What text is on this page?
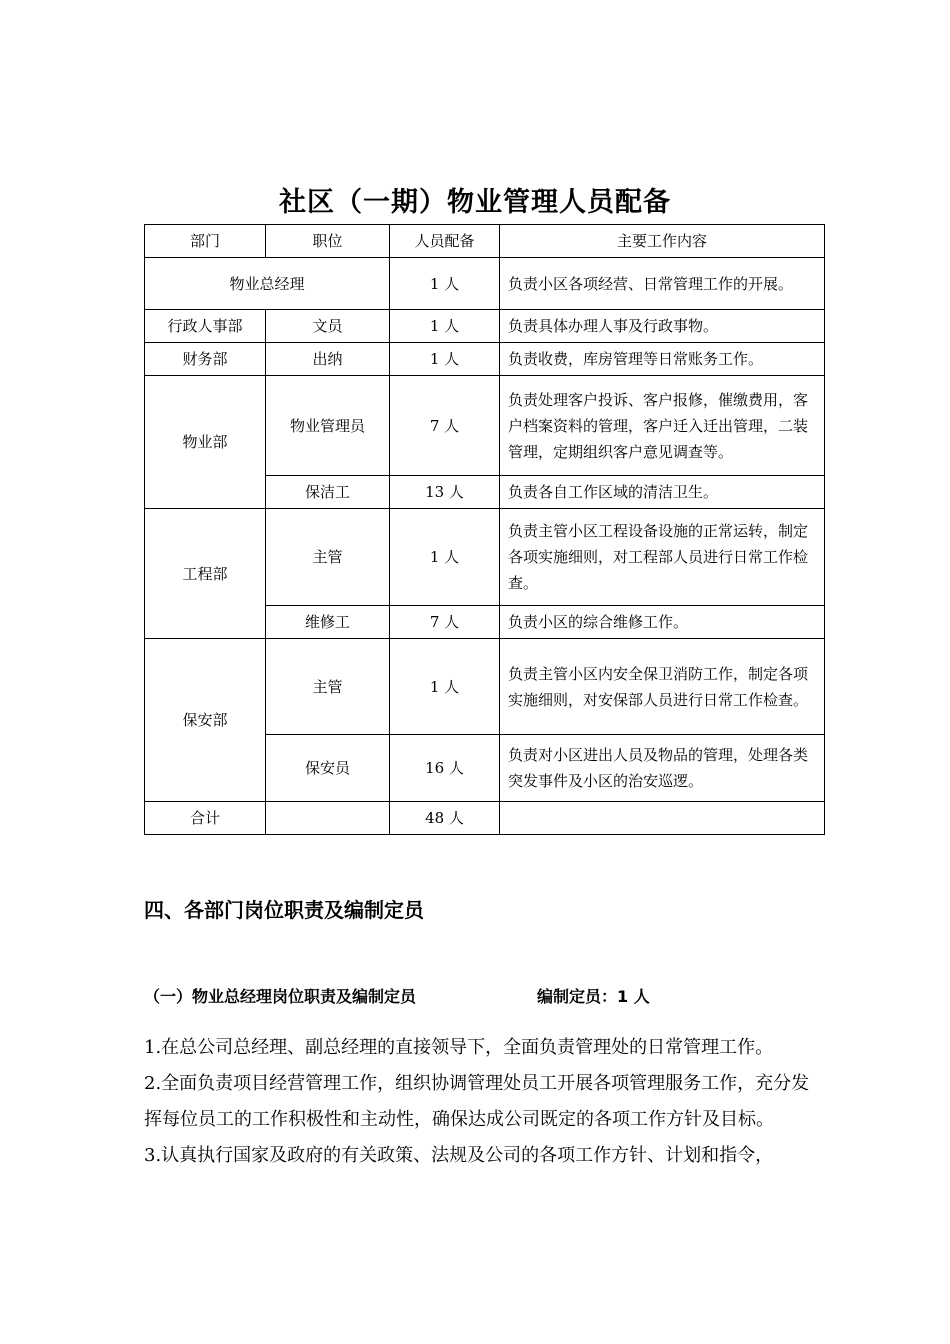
社区（一期）物业管理人员配备
部门	职位	人员配备	主要工作内容
物业总经理		1 人	负责小区各项经营、日常管理工作的开展。
行政人事部	文员	1 人	负责具体办理人事及行政事物。
财务部	出纳	1 人	负责收费，库房管理等日常账务工作。
物业部	物业管理员	7 人	负责处理客户投诉、客户报修，催缴费用，客户档案资料的管理，客户迁入迁出管理，二装管理，定期组织客户意见调查等。
	保洁工	13 人	负责各自工作区域的清洁卫生。
工程部	主管	1 人	负责主管小区工程设备设施的正常运转，制定各项实施细则，对工程部人员进行日常工作检查。
	维修工	7 人	负责小区的综合维修工作。
保安部	主管	1 人	负责主管小区内安全保卫消防工作，制定各项实施细则，对安保部人员进行日常工作检查。
	保安员	16 人	负责对小区进出人员及物品的管理，处理各类突发事件及小区的治安巡逻。
合计		48 人	
四、各部门岗位职责及编制定员
（一）物业总经理岗位职责及编制定员	编制定员：1 人

1.在总公司总经理、副总经理的直接领导下，全面负责管理处的日常管理工作。

2.全面负责项目经营管理工作，组织协调管理处员工开展各项管理服务工作，充分发挥每位员工的工作积极性和主动性，确保达成公司既定的各项工作方针及目标。

3.认真执行国家及政府的有关政策、法规及公司的各项工作方针、计划和指令，
